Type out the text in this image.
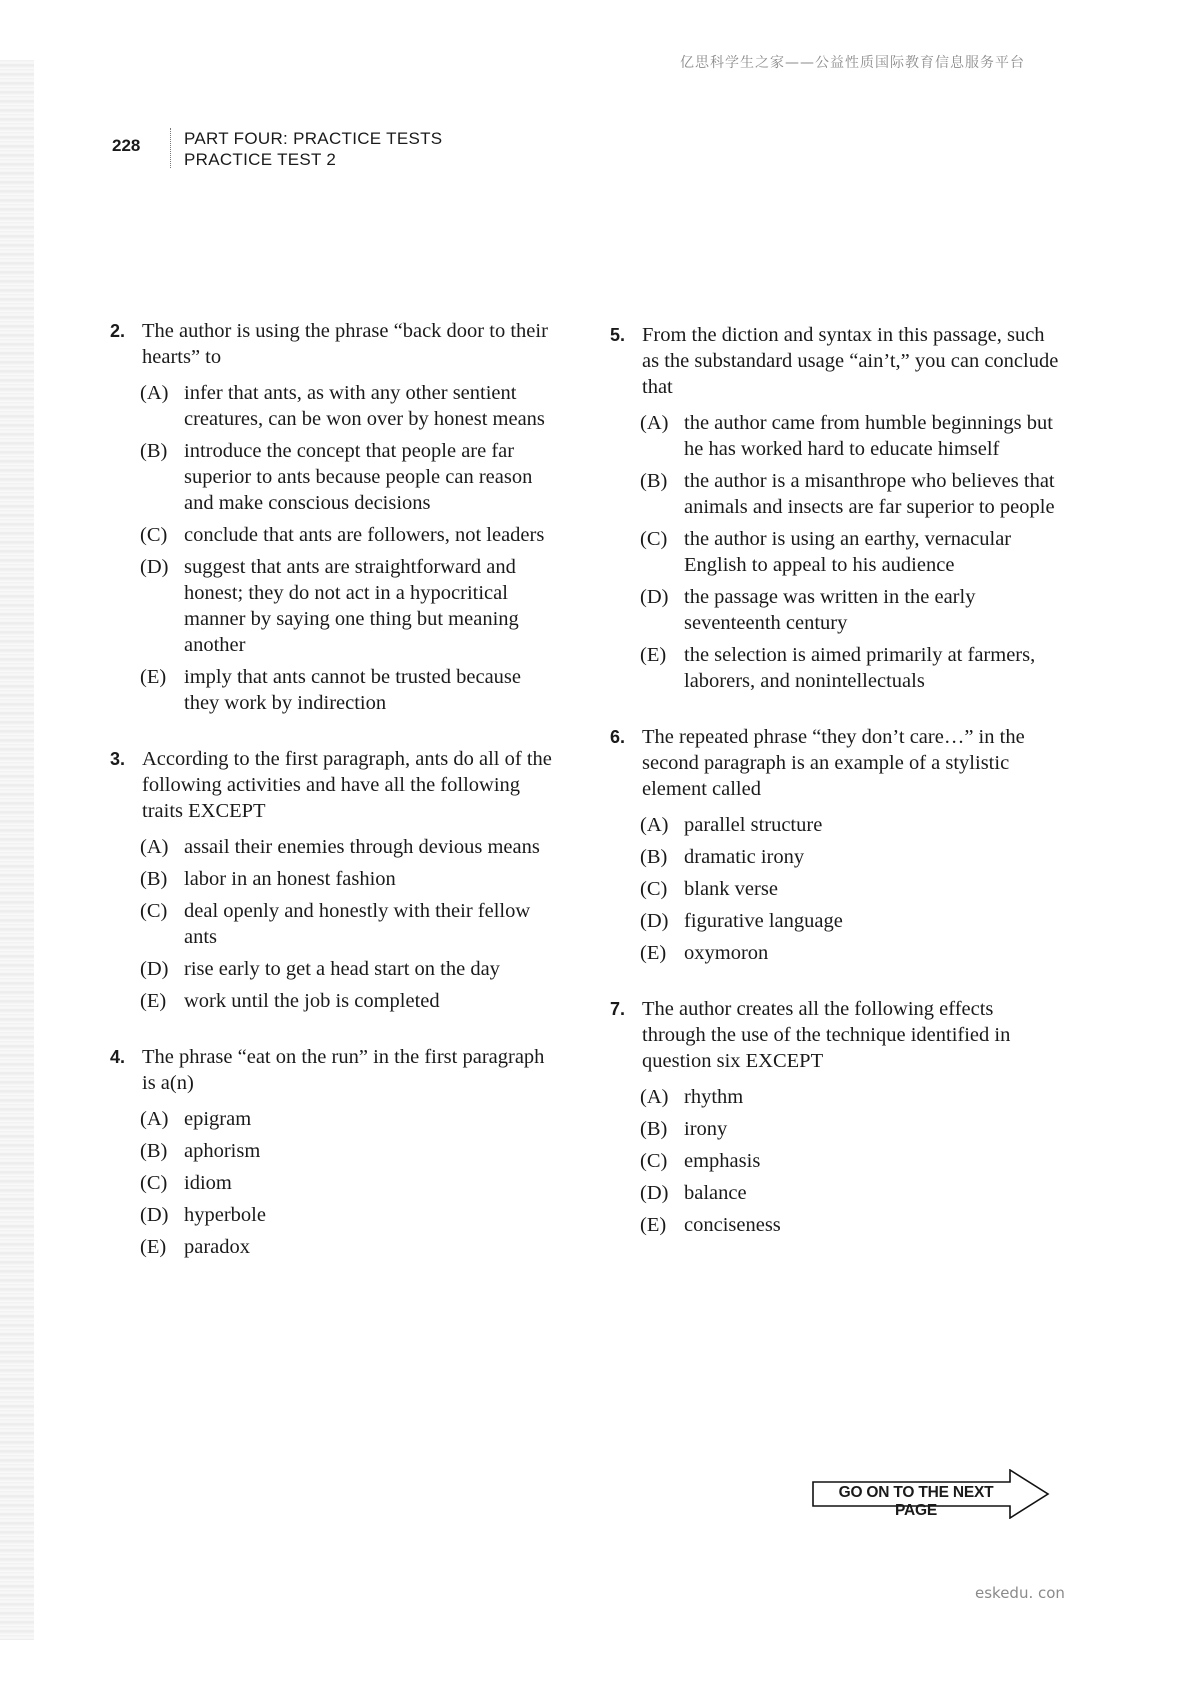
亿思科学生之家——公益性质国际教育信息服务平台
228	PART FOUR: PRACTICE TESTS
PRACTICE TEST 2
2. The author is using the phrase “back door to their hearts” to
(A) infer that ants, as with any other sentient creatures, can be won over by honest means
(B) introduce the concept that people are far superior to ants because people can reason and make conscious decisions
(C) conclude that ants are followers, not leaders
(D) suggest that ants are straightforward and honest; they do not act in a hypocritical manner by saying one thing but meaning another
(E) imply that ants cannot be trusted because they work by indirection
3. According to the first paragraph, ants do all of the following activities and have all the following traits EXCEPT
(A) assail their enemies through devious means
(B) labor in an honest fashion
(C) deal openly and honestly with their fellow ants
(D) rise early to get a head start on the day
(E) work until the job is completed
4. The phrase “eat on the run” in the first paragraph is a(n)
(A) epigram
(B) aphorism
(C) idiom
(D) hyperbole
(E) paradox
5. From the diction and syntax in this passage, such as the substandard usage “ain’t,” you can conclude that
(A) the author came from humble beginnings but he has worked hard to educate himself
(B) the author is a misanthrope who believes that animals and insects are far superior to people
(C) the author is using an earthy, vernacular English to appeal to his audience
(D) the passage was written in the early seventeenth century
(E) the selection is aimed primarily at farmers, laborers, and nonintellectuals
6. The repeated phrase “they don’t care…” in the second paragraph is an example of a stylistic element called
(A) parallel structure
(B) dramatic irony
(C) blank verse
(D) figurative language
(E) oxymoron
7. The author creates all the following effects through the use of the technique identified in question six EXCEPT
(A) rhythm
(B) irony
(C) emphasis
(D) balance
(E) conciseness
GO ON TO THE NEXT PAGE
eskedu. con
